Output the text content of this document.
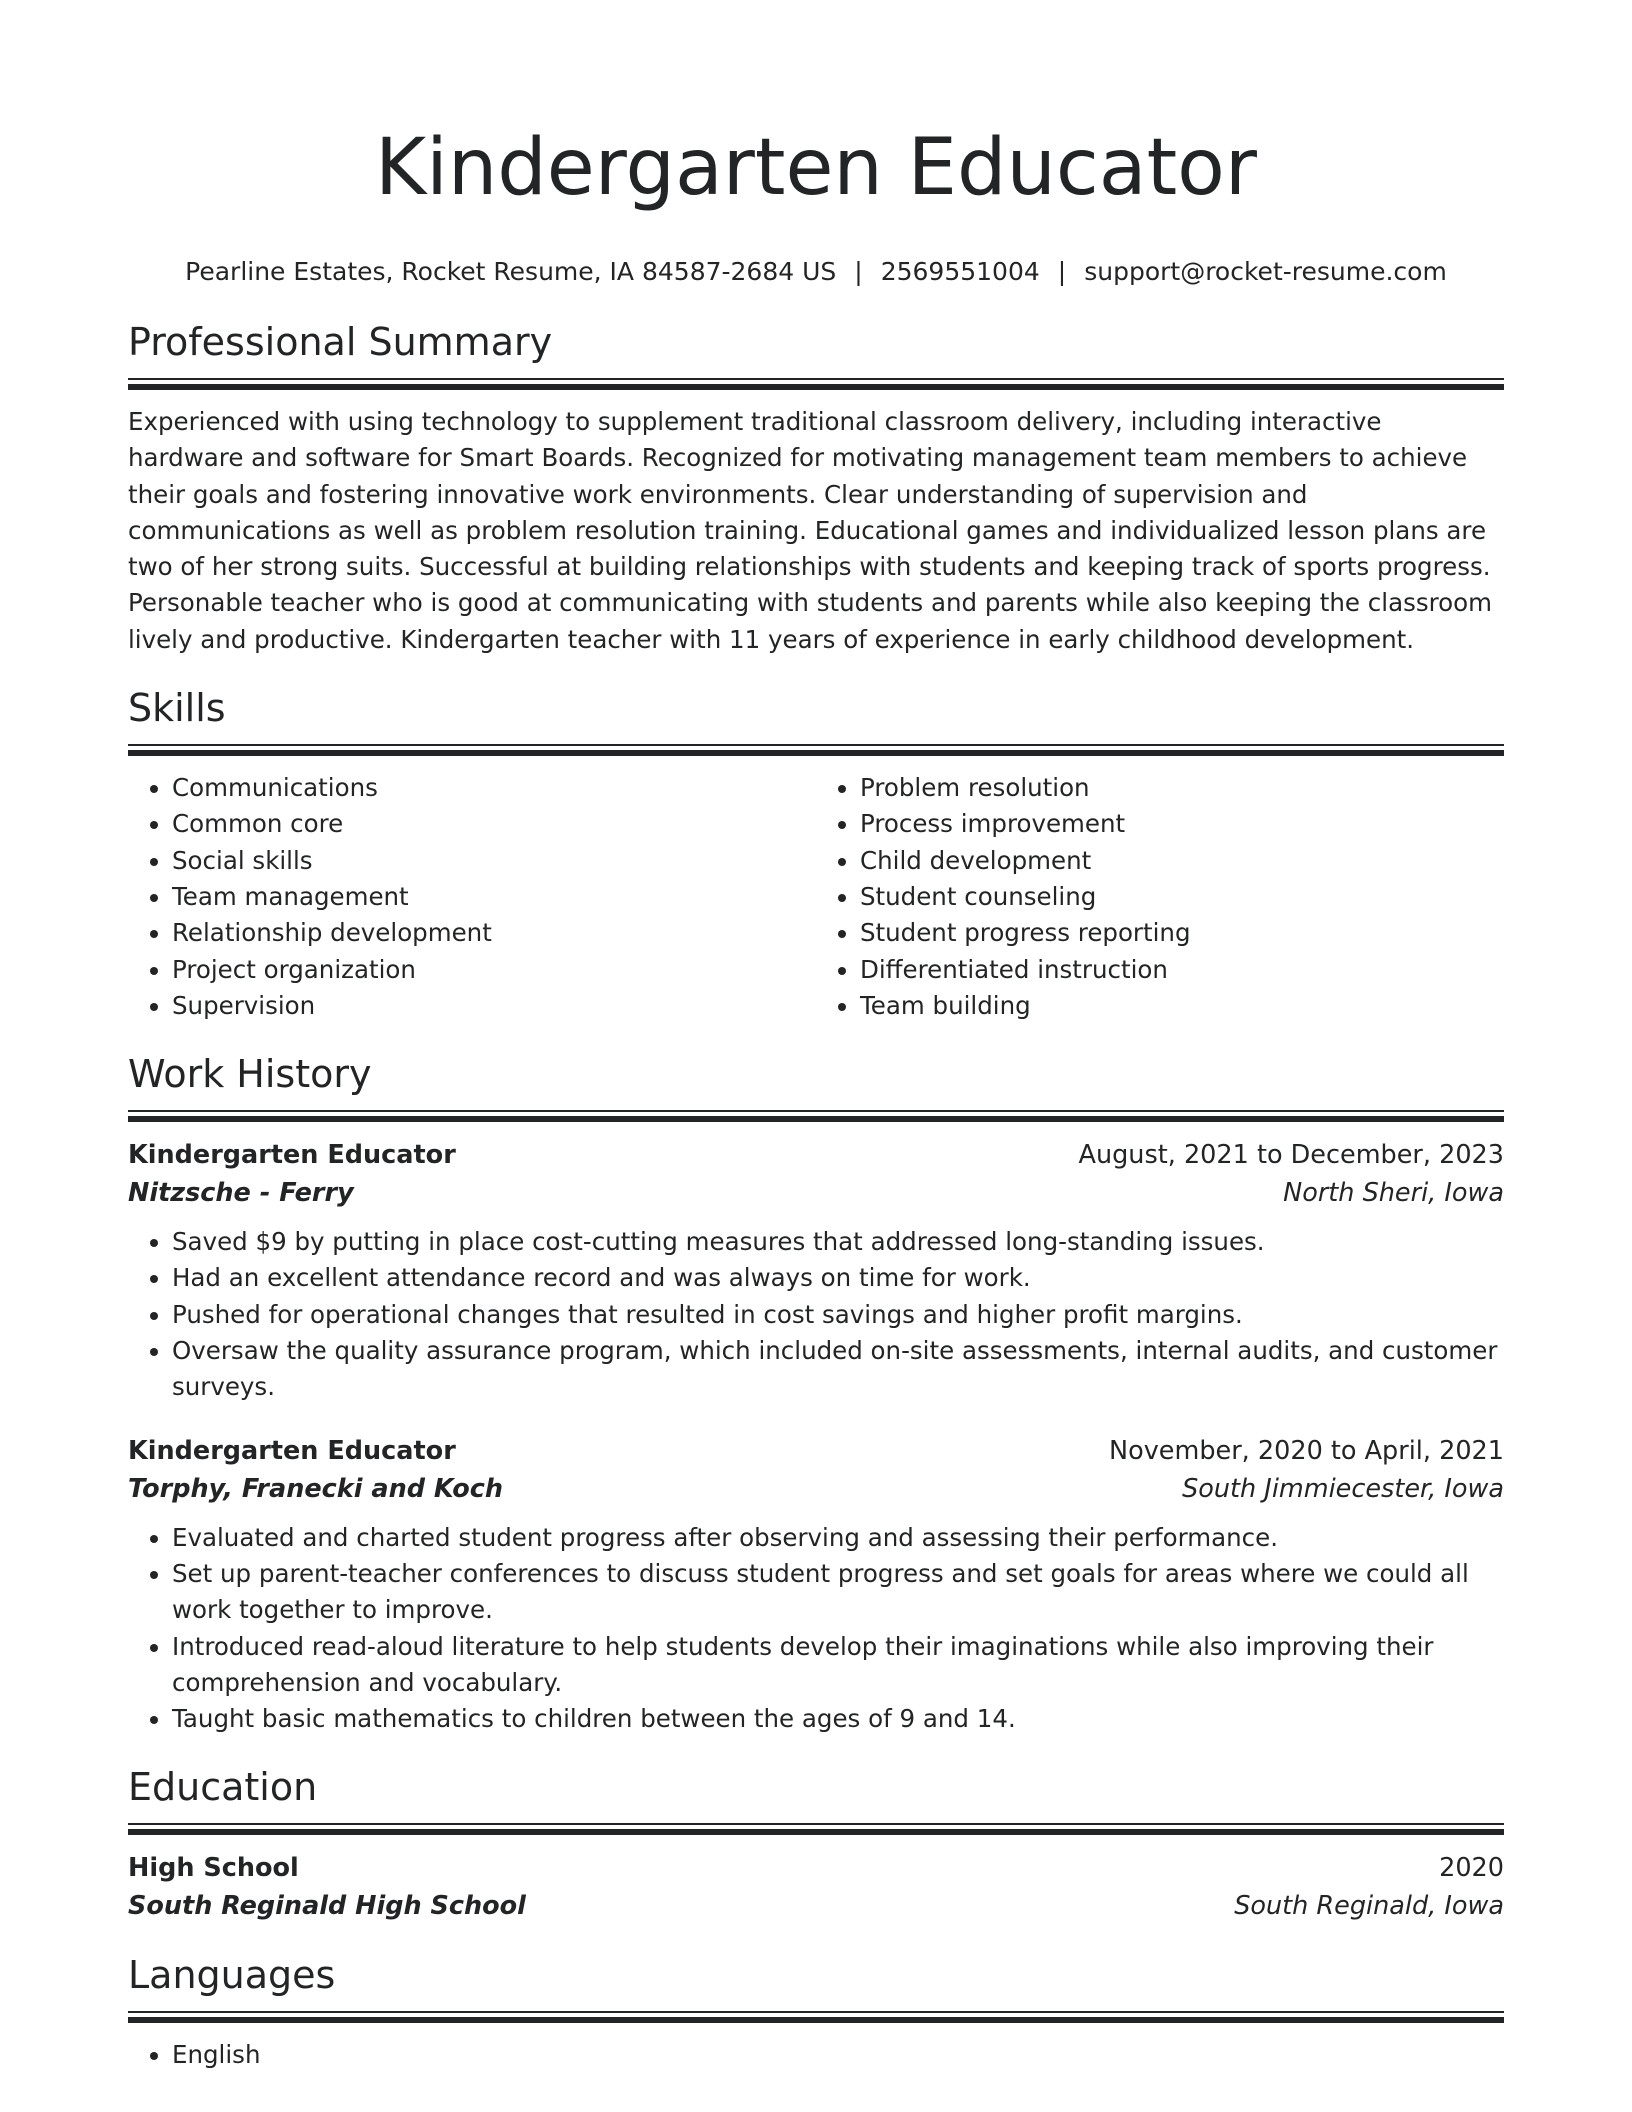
Kindergarten Educator
Pearline Estates, Rocket Resume, IA 84587-2684 US | 2569551004 | support@rocket-resume.com
Professional Summary

Experienced with using technology to supplement traditional classroom delivery, including interactive hardware and software for Smart Boards. Recognized for motivating management team members to achieve their goals and fostering innovative work environments. Clear understanding of supervision and communications as well as problem resolution training. Educational games and individualized lesson plans are two of her strong suits. Successful at building relationships with students and keeping track of sports progress. Personable teacher who is good at communicating with students and parents while also keeping the classroom lively and productive. Kindergarten teacher with 11 years of experience in early childhood development.

Skills
• Communications
• Common core
• Social skills
• Team management
• Relationship development
• Project organization
• Supervision
• Problem resolution
• Process improvement
• Child development
• Student counseling
• Student progress reporting
• Differentiated instruction
• Team building
Work History
Kindergarten Educator	August, 2021 to December, 2023
Nitzsche - Ferry	North Sheri, Iowa
• Saved $9 by putting in place cost-cutting measures that addressed long-standing issues.
• Had an excellent attendance record and was always on time for work.
• Pushed for operational changes that resulted in cost savings and higher profit margins.
• Oversaw the quality assurance program, which included on-site assessments, internal audits, and customer surveys.
Kindergarten Educator	November, 2020 to April, 2021
Torphy, Franecki and Koch	South Jimmiecester, Iowa
• Evaluated and charted student progress after observing and assessing their performance.
• Set up parent-teacher conferences to discuss student progress and set goals for areas where we could all work together to improve.
• Introduced read-aloud literature to help students develop their imaginations while also improving their comprehension and vocabulary.
• Taught basic mathematics to children between the ages of 9 and 14.
Education
High School	2020
South Reginald High School	South Reginald, Iowa
Languages
• English
